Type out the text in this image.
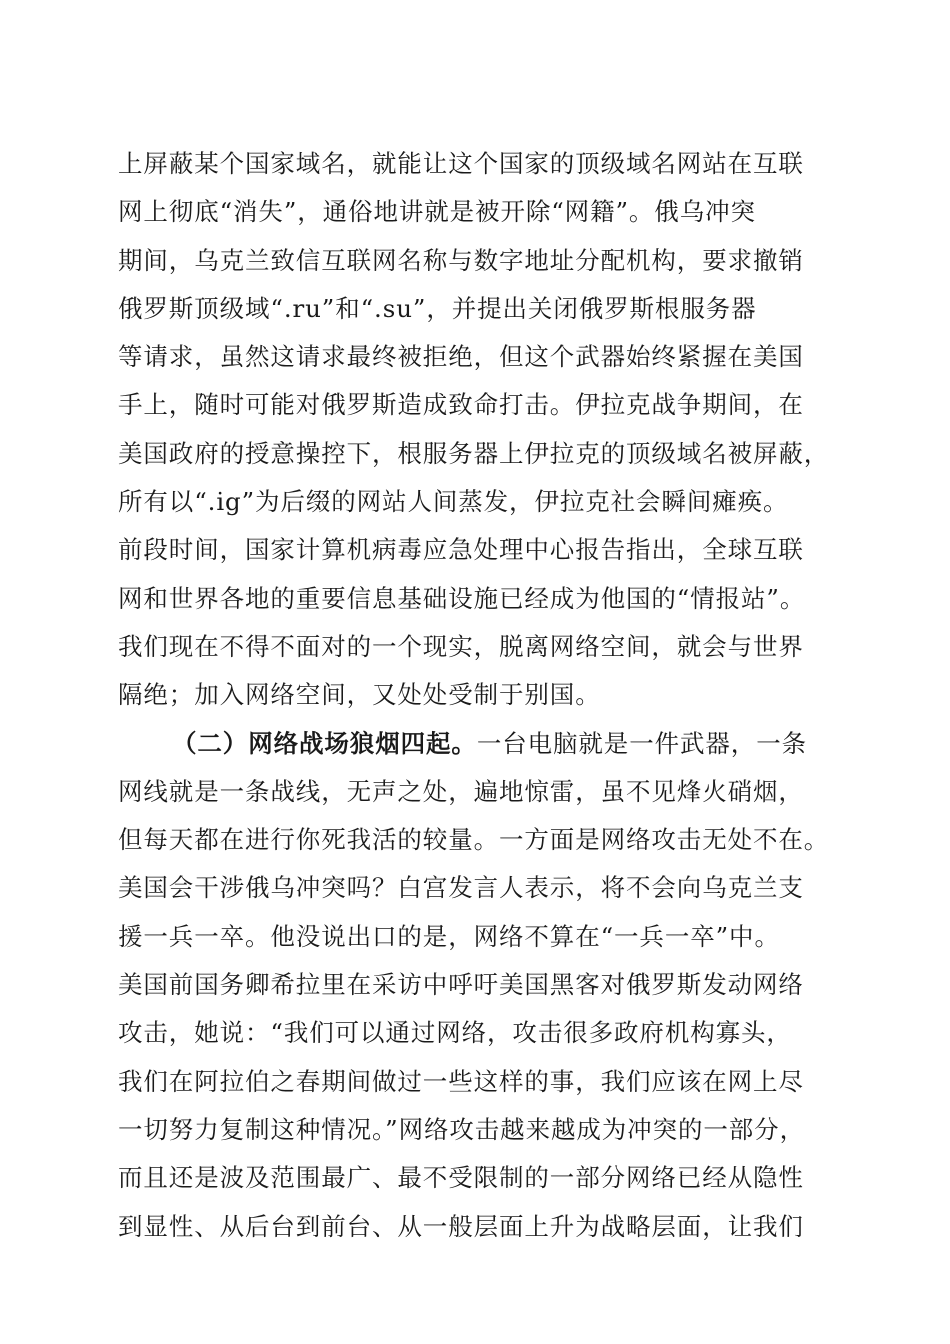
上屏蔽某个国家域名，就能让这个国家的顶级域名网站在互联
网上彻底“消失”，通俗地讲就是被开除“网籍”。俄乌冲突
期间，乌克兰致信互联网名称与数字地址分配机构，要求撤销
俄罗斯顶级域“.ru”和“.su”，并提出关闭俄罗斯根服务器
等请求，虽然这请求最终被拒绝，但这个武器始终紧握在美国
手上，随时可能对俄罗斯造成致命打击。伊拉克战争期间，在
美国政府的授意操控下，根服务器上伊拉克的顶级域名被屏蔽，
所有以“.ig”为后缀的网站人间蒸发，伊拉克社会瞬间瘫痪。
前段时间，国家计算机病毒应急处理中心报告指出，全球互联
网和世界各地的重要信息基础设施已经成为他国的“情报站”。
我们现在不得不面对的一个现实，脱离网络空间，就会与世界
隔绝；加入网络空间，又处处受制于别国。
（二）网络战场狼烟四起。一台电脑就是一件武器，一条
网线就是一条战线，无声之处，遍地惊雷，虽不见烽火硝烟，
但每天都在进行你死我活的较量。一方面是网络攻击无处不在。
美国会干涉俄乌冲突吗？白宫发言人表示，将不会向乌克兰支
援一兵一卒。他没说出口的是，网络不算在“一兵一卒”中。
美国前国务卿希拉里在采访中呼吁美国黑客对俄罗斯发动网络
攻击，她说：“我们可以通过网络，攻击很多政府机构寡头，
我们在阿拉伯之春期间做过一些这样的事，我们应该在网上尽
一切努力复制这种情况。”网络攻击越来越成为冲突的一部分，
而且还是波及范围最广、最不受限制的一部分网络已经从隐性
到显性、从后台到前台、从一般层面上升为战略层面，让我们
